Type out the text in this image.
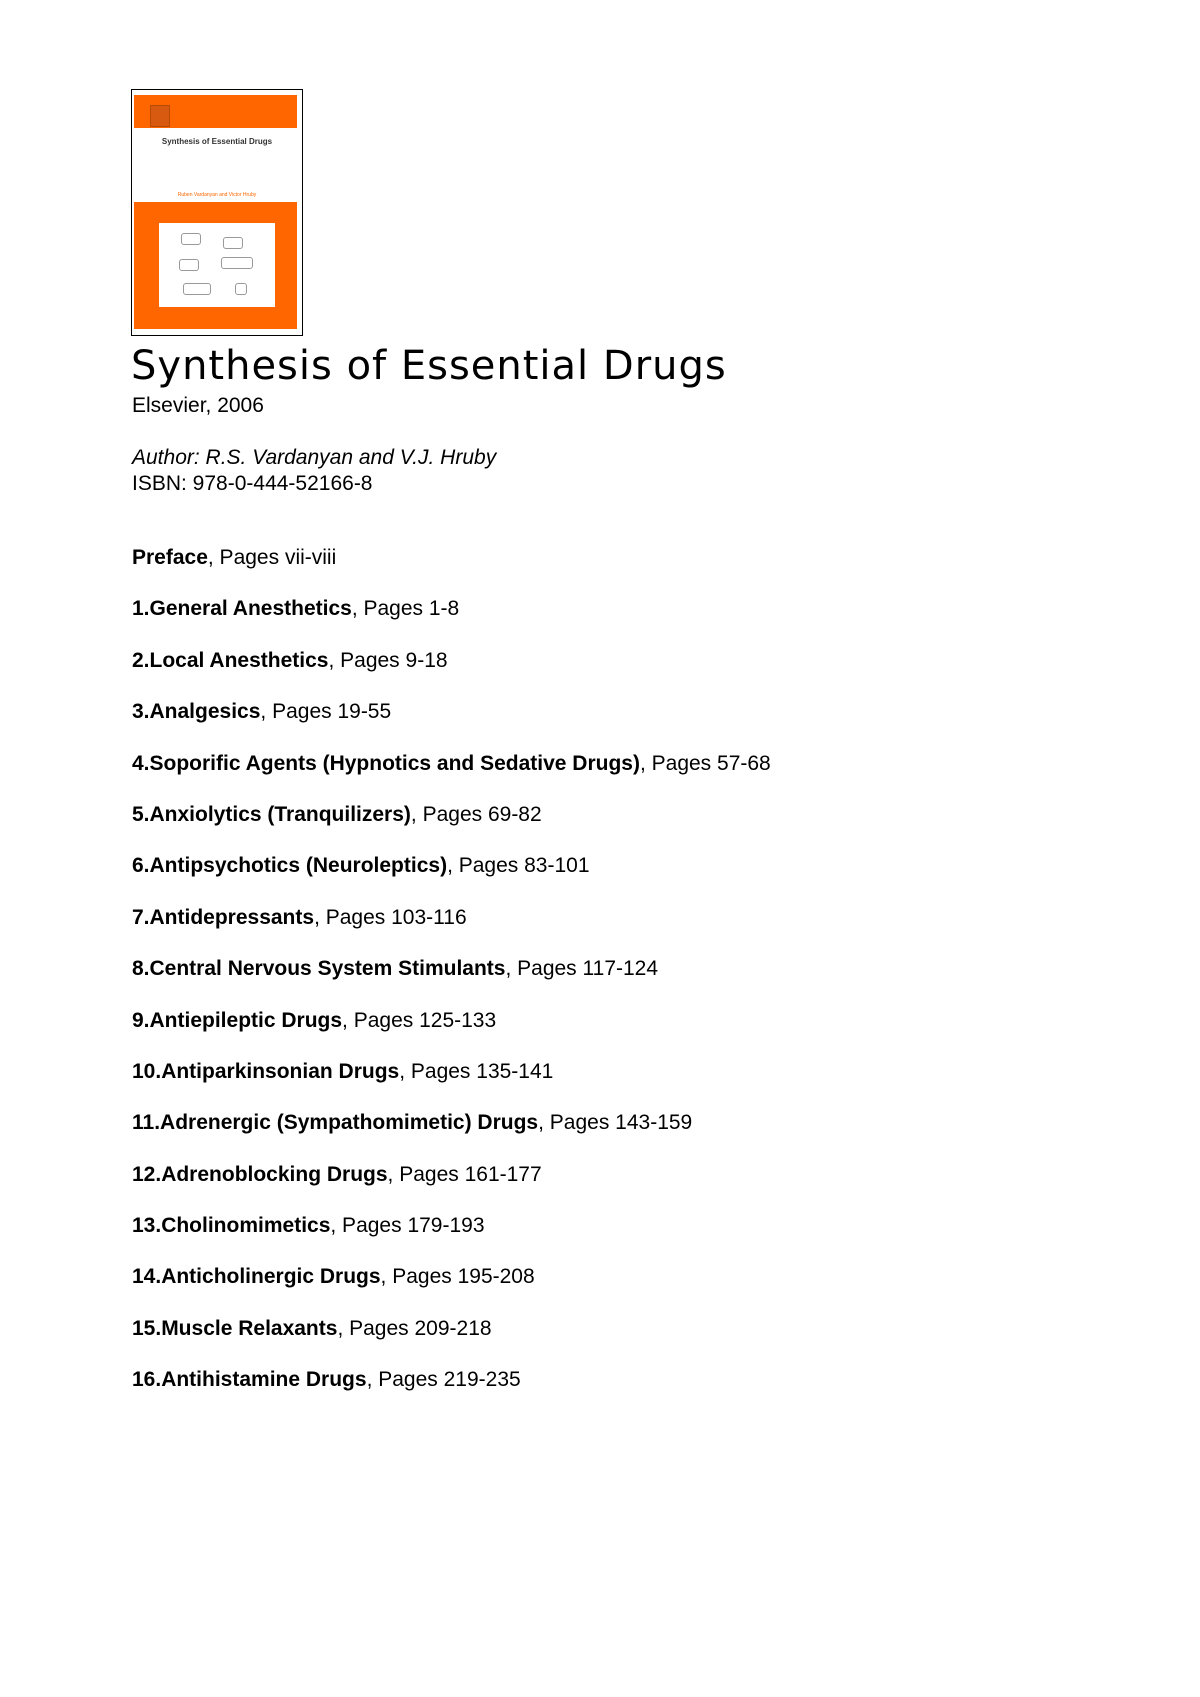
Synthesis of Essential Drugs
Ruben Vardanyan and Victor Hruby
Synthesis of Essential Drugs
Elsevier, 2006
Author: R.S. Vardanyan and V.J. Hruby
ISBN: 978-0-444-52166-8
Preface, Pages vii-viii
1.General Anesthetics, Pages 1-8
2.Local Anesthetics, Pages 9-18
3.Analgesics, Pages 19-55
4.Soporific Agents (Hypnotics and Sedative Drugs), Pages 57-68
5.Anxiolytics (Tranquilizers), Pages 69-82
6.Antipsychotics (Neuroleptics), Pages 83-101
7.Antidepressants, Pages 103-116
8.Central Nervous System Stimulants, Pages 117-124
9.Antiepileptic Drugs, Pages 125-133
10.Antiparkinsonian Drugs, Pages 135-141
11.Adrenergic (Sympathomimetic) Drugs, Pages 143-159
12.Adrenoblocking Drugs, Pages 161-177
13.Cholinomimetics, Pages 179-193
14.Anticholinergic Drugs, Pages 195-208
15.Muscle Relaxants, Pages 209-218
16.Antihistamine Drugs, Pages 219-235
